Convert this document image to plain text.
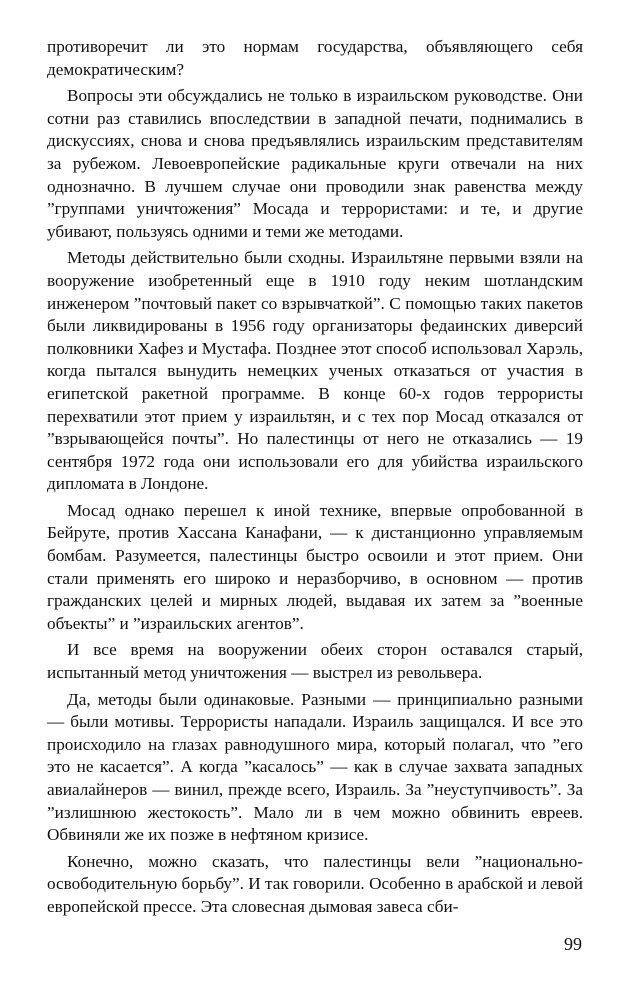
противоречит ли это нормам государства, объявляющего себя демократическим?

Вопросы эти обсуждались не только в израильском руководстве. Они сотни раз ставились впоследствии в западной печати, поднимались в дискуссиях, снова и снова предъявлялись израильским представителям за рубежом. Левоевропейские радикальные круги отвечали на них однозначно. В лучшем случае они проводили знак равенства между ”группами уничтожения” Мосада и террористами: и те, и другие убивают, пользуясь одними и теми же методами.

Методы действительно были сходны. Израильтяне первыми взяли на вооружение изобретенный еще в 1910 году неким шотландским инженером ”почтовый пакет со взрывчаткой”. С помощью таких пакетов были ликвидированы в 1956 году организаторы федаинских диверсий полковники Хафез и Мустафа. Позднее этот способ использовал Харэль, когда пытался вынудить немецких ученых отказаться от участия в египетской ракетной программе. В конце 60-х годов террористы перехватили этот прием у израильтян, и с тех пор Мосад отказался от ”взрывающейся почты”. Но палестинцы от него не отказались — 19 сентября 1972 года они использовали его для убийства израильского дипломата в Лондоне.

Мосад однако перешел к иной технике, впервые опробованной в Бейруте, против Хассана Канафани, — к дистанционно управляемым бомбам. Разумеется, палестинцы быстро освоили и этот прием. Они стали применять его широко и неразборчиво, в основном — против гражданских целей и мирных людей, выдавая их затем за ”военные объекты” и ”израильских агентов”.

И все время на вооружении обеих сторон оставался старый, испытанный метод уничтожения — выстрел из револьвера.

Да, методы были одинаковые. Разными — принципиально разными — были мотивы. Террористы нападали. Израиль защищался. И все это происходило на глазах равнодушного мира, который полагал, что ”его это не касается”. А когда ”касалось” — как в случае захвата западных авиалайнеров — винил, прежде всего, Израиль. За ”неуступчивость”. За ”излишнюю жестокость”. Мало ли в чем можно обвинить евреев. Обвиняли же их позже в нефтяном кризисе.

Конечно, можно сказать, что палестинцы вели ”национально-освободительную борьбу”. И так говорили. Особенно в арабской и левой европейской прессе. Эта словесная дымовая завеса сби-

99
